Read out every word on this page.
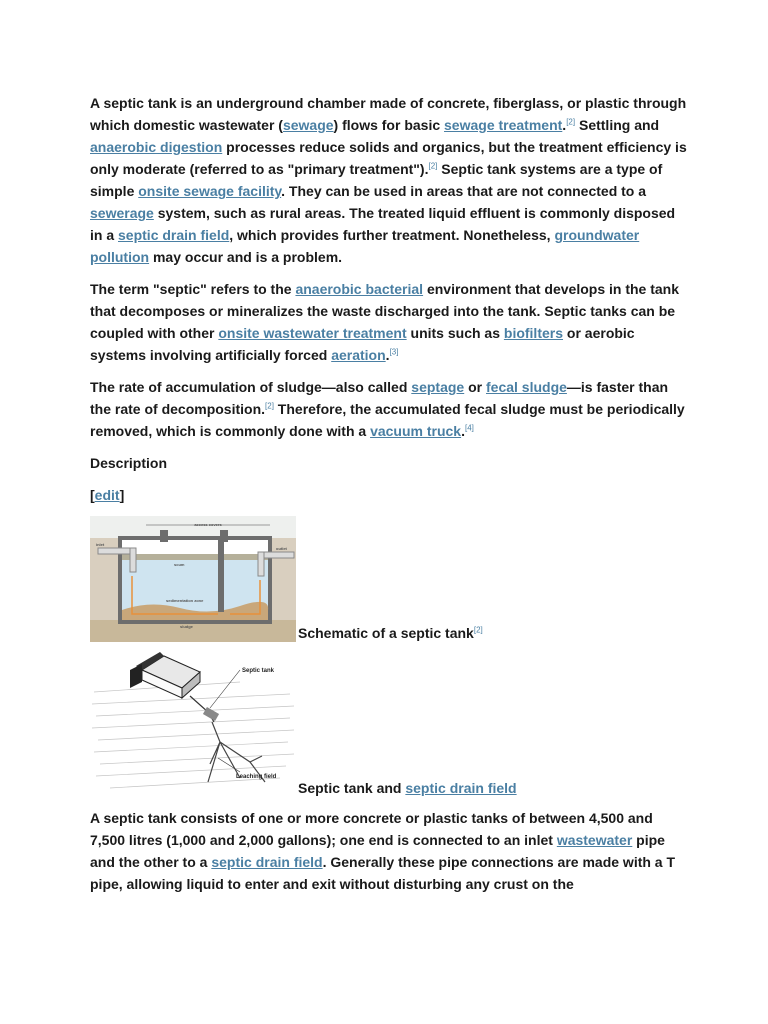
A septic tank is an underground chamber made of concrete, fiberglass, or plastic through which domestic wastewater (sewage) flows for basic sewage treatment.[2] Settling and anaerobic digestion processes reduce solids and organics, but the treatment efficiency is only moderate (referred to as "primary treatment").[2] Septic tank systems are a type of simple onsite sewage facility. They can be used in areas that are not connected to a sewerage system, such as rural areas. The treated liquid effluent is commonly disposed in a septic drain field, which provides further treatment. Nonetheless, groundwater pollution may occur and is a problem.

The term "septic" refers to the anaerobic bacterial environment that develops in the tank that decomposes or mineralizes the waste discharged into the tank. Septic tanks can be coupled with other onsite wastewater treatment units such as biofilters or aerobic systems involving artificially forced aeration.[3]

The rate of accumulation of sludge—also called septage or fecal sludge—is faster than the rate of decomposition.[2] Therefore, the accumulated fecal sludge must be periodically removed, which is commonly done with a vacuum truck.[4]

Description

[edit]

access covers
inlet
outlet
scum
sedimentation zone
sludge	Schematic of a septic tank[2]
Septic tank
Leaching field
Septic tank and septic drain field

A septic tank consists of one or more concrete or plastic tanks of between 4,500 and 7,500 litres (1,000 and 2,000 gallons); one end is connected to an inlet wastewater pipe and the other to a septic drain field. Generally these pipe connections are made with a T pipe, allowing liquid to enter and exit without disturbing any crust on the
